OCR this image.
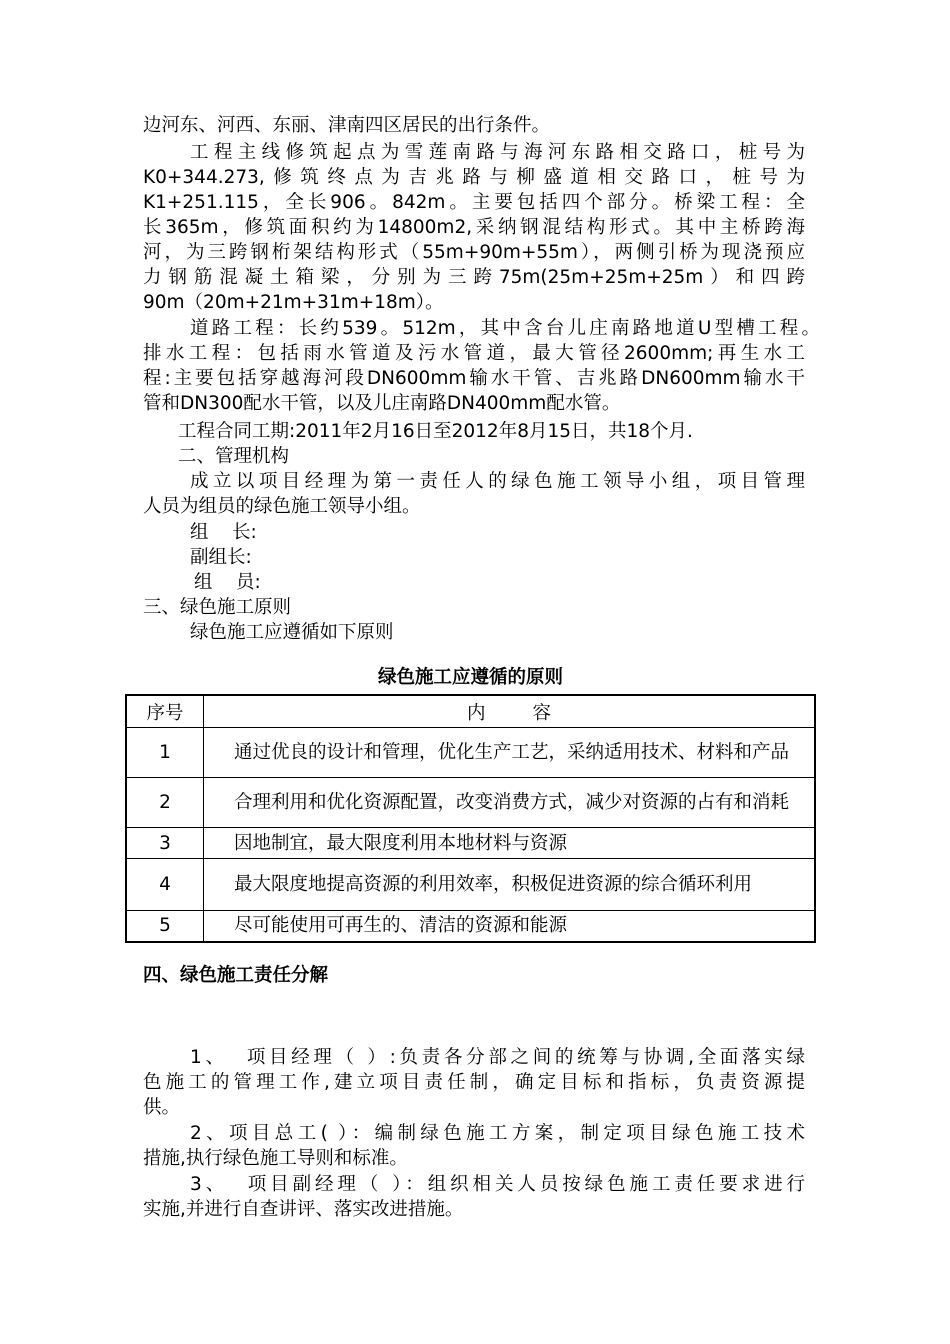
边河东、河西、东丽、津南四区居民的出行条件。
工程主线修筑起点为雪莲南路与海河东路相交路口，桩号为
K0+344.273,修筑终点为吉兆路与柳盛道相交路口，桩号为
K1+251.115，全长906。842m。主要包括四个部分。桥梁工程：全
长365m，修筑面积约为14800m2,采纳钢混结构形式。其中主桥跨海
河，为三跨钢桁架结构形式（55m+90m+55m），两侧引桥为现浇预应
力钢筋混凝土箱梁，分别为三跨75m(25m+25m+25m）和四跨
90m（20m+21m+31m+18m）。
道路工程：长约539。512m，其中含台儿庄南路地道U型槽工程。
排水工程：包括雨水管道及污水管道，最大管径2600mm;再生水工
程:主要包括穿越海河段DN600mm输水干管、吉兆路DN600mm输水干
管和DN300配水干管，以及儿庄南路DN400mm配水管。
工程合同工期:2011年2月16日至2012年8月15日，共18个月.
二、管理机构
成立以项目经理为第一责任人的绿色施工领导小组，项目管理
人员为组员的绿色施工领导小组。
组    长:
副组长:
组    员:
三、绿色施工原则
绿色施工应遵循如下原则
绿色施工应遵循的原则
序号	内        容
1	通过优良的设计和管理，优化生产工艺，采纳适用技术、材料和产品
2	合理利用和优化资源配置，改变消费方式，减少对资源的占有和消耗
3	因地制宜，最大限度利用本地材料与资源
4	最大限度地提高资源的利用效率，积极促进资源的综合循环利用
5	尽可能使用可再生的、清洁的资源和能源
四、绿色施工责任分解
1、  项目经理（ ）:负责各分部之间的统筹与协调,全面落实绿
色施工的管理工作,建立项目责任制，确定目标和指标，负责资源提
供。
2、项目总工( ）：编制绿色施工方案，制定项目绿色施工技术
措施,执行绿色施工导则和标准。
3、  项目副经理（ ）：组织相关人员按绿色施工责任要求进行
实施,并进行自查讲评、落实改进措施。
